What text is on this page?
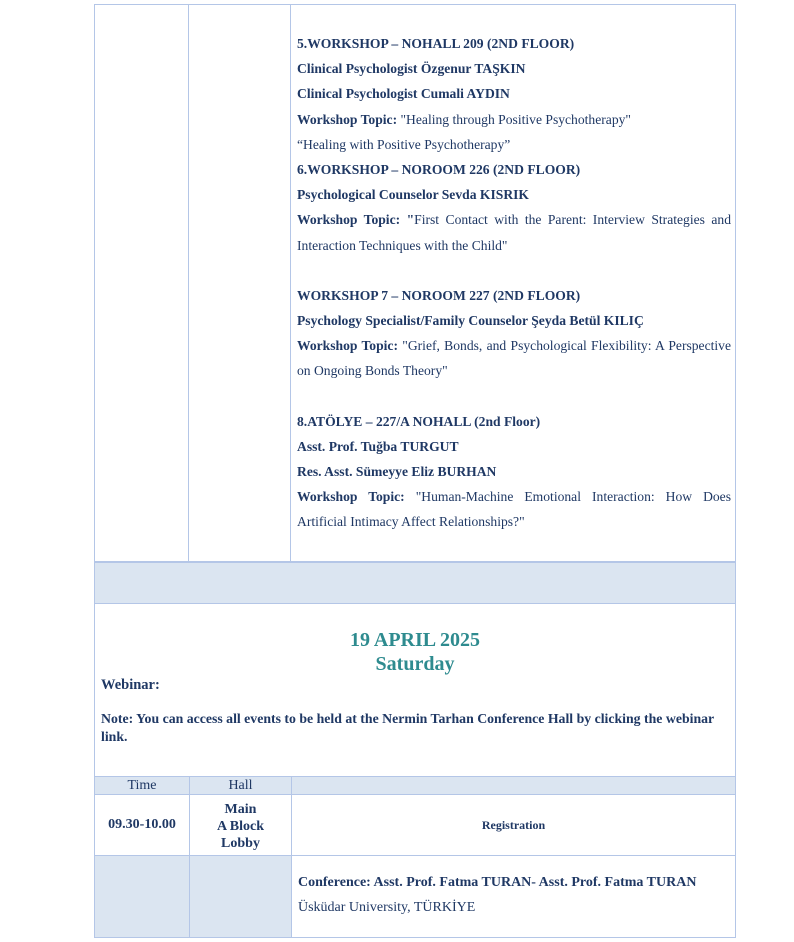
5.WORKSHOP – NOHALL 209 (2ND FLOOR)
Clinical Psychologist Özgenur TAŞKIN
Clinical Psychologist Cumali AYDIN
Workshop Topic: "Healing through Positive Psychotherapy"
“Healing with Positive Psychotherapy”
6.WORKSHOP – NOROOM 226 (2ND FLOOR)
Psychological Counselor Sevda KISRIK
Workshop Topic: "First Contact with the Parent: Interview Strategies and Interaction Techniques with the Child"
WORKSHOP 7 – NOROOM 227 (2ND FLOOR)
Psychology Specialist/Family Counselor Şeyda Betül KILIÇ
Workshop Topic: "Grief, Bonds, and Psychological Flexibility: A Perspective on Ongoing Bonds Theory"
8.ATÖLYE – 227/A NOHALL (2nd Floor)
Asst. Prof. Tuğba TURGUT
Res. Asst. Sümeyye Eliz BURHAN
Workshop Topic: "Human-Machine Emotional Interaction: How Does Artificial Intimacy Affect Relationships?"
19 APRIL 2025
Saturday
Webinar:
Note: You can access all events to be held at the Nermin Tarhan Conference Hall by clicking the webinar link.
Time	Hall
09.30-10.00
Main
A Block
Lobby
Registration
Conference: Asst. Prof. Fatma TURAN- Asst. Prof. Fatma TURAN
Üsküdar University, TÜRKİYE
